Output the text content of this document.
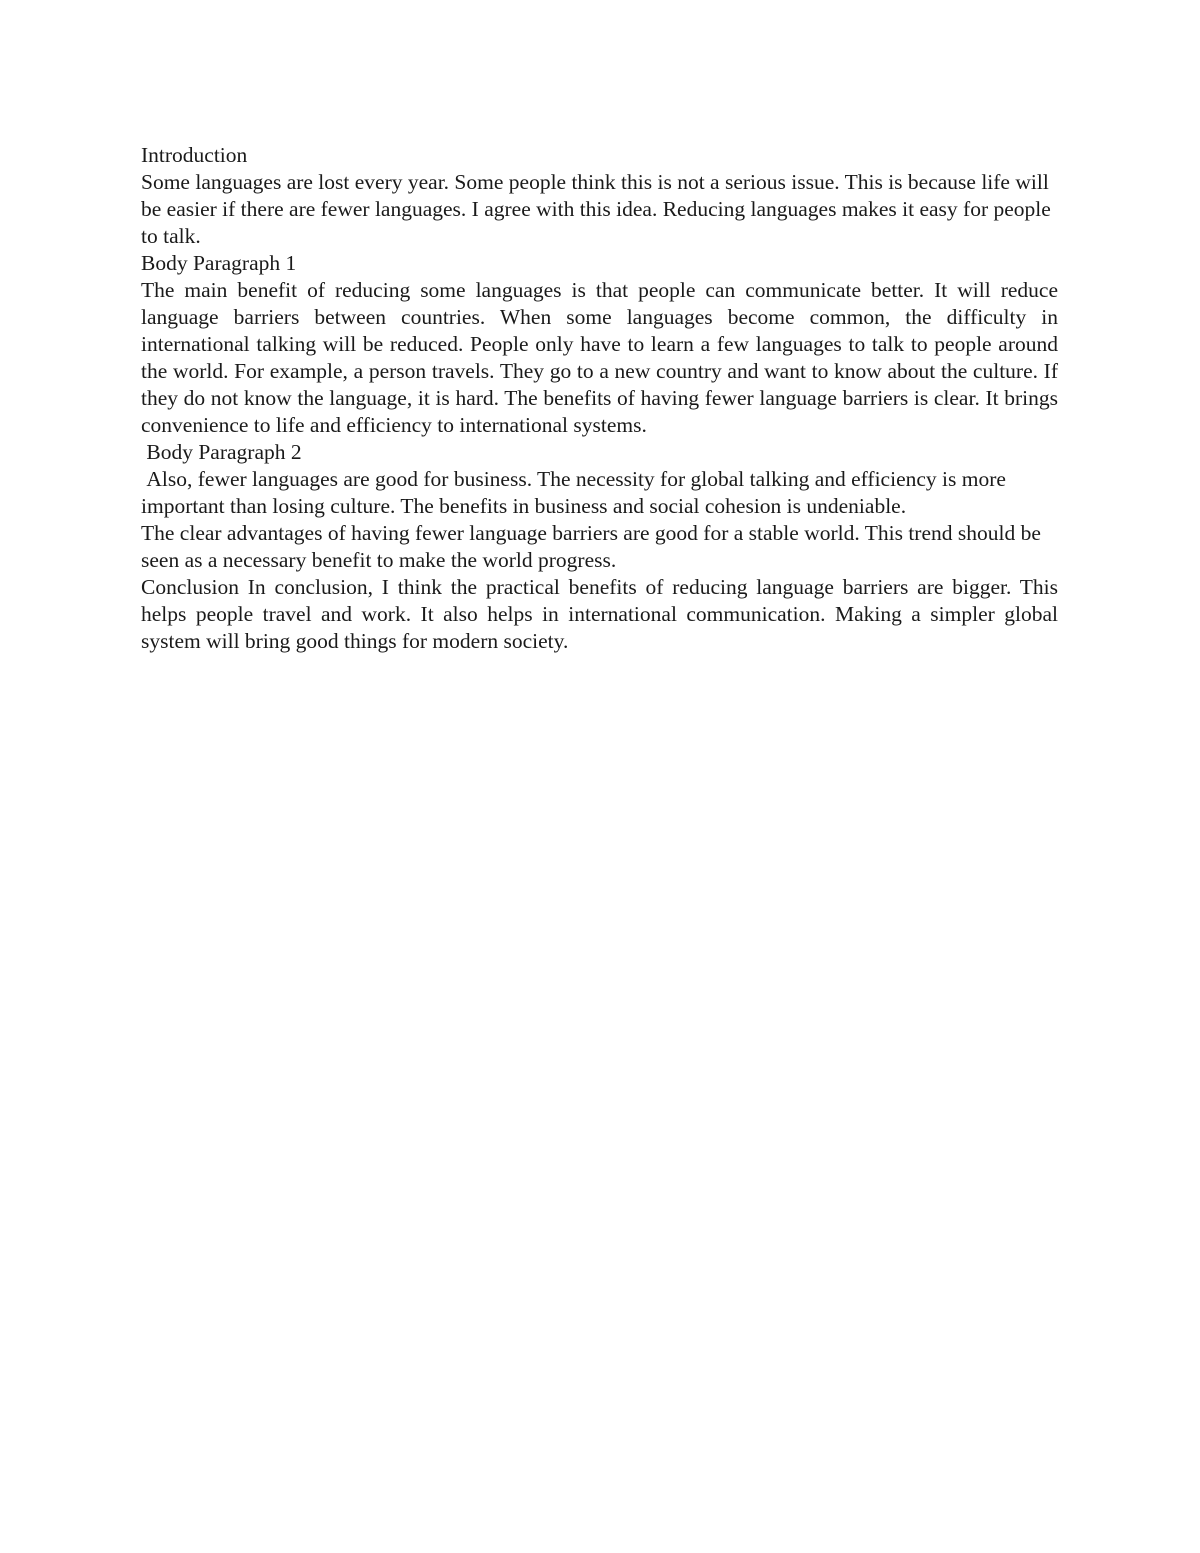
Introduction

Some languages are lost every year. Some people think this is not a serious issue. This is because life will be easier if there are fewer languages. I agree with this idea. Reducing languages makes it easy for people to talk.

Body Paragraph 1

The main benefit of reducing some languages is that people can communicate better. It will reduce language barriers between countries. When some languages become common, the difficulty in international talking will be reduced. People only have to learn a few languages to talk to people around the world. For example, a person travels. They go to a new country and want to know about the culture. If they do not know the language, it is hard. The benefits of having fewer language barriers is clear. It brings convenience to life and efficiency to international systems.

Body Paragraph 2

Also, fewer languages are good for business. The necessity for global talking and efficiency is more important than losing culture. The benefits in business and social cohesion is undeniable.

The clear advantages of having fewer language barriers are good for a stable world. This trend should be seen as a necessary benefit to make the world progress.

Conclusion In conclusion, I think the practical benefits of reducing language barriers are bigger. This helps people travel and work. It also helps in international communication. Making a simpler global system will bring good things for modern society.
